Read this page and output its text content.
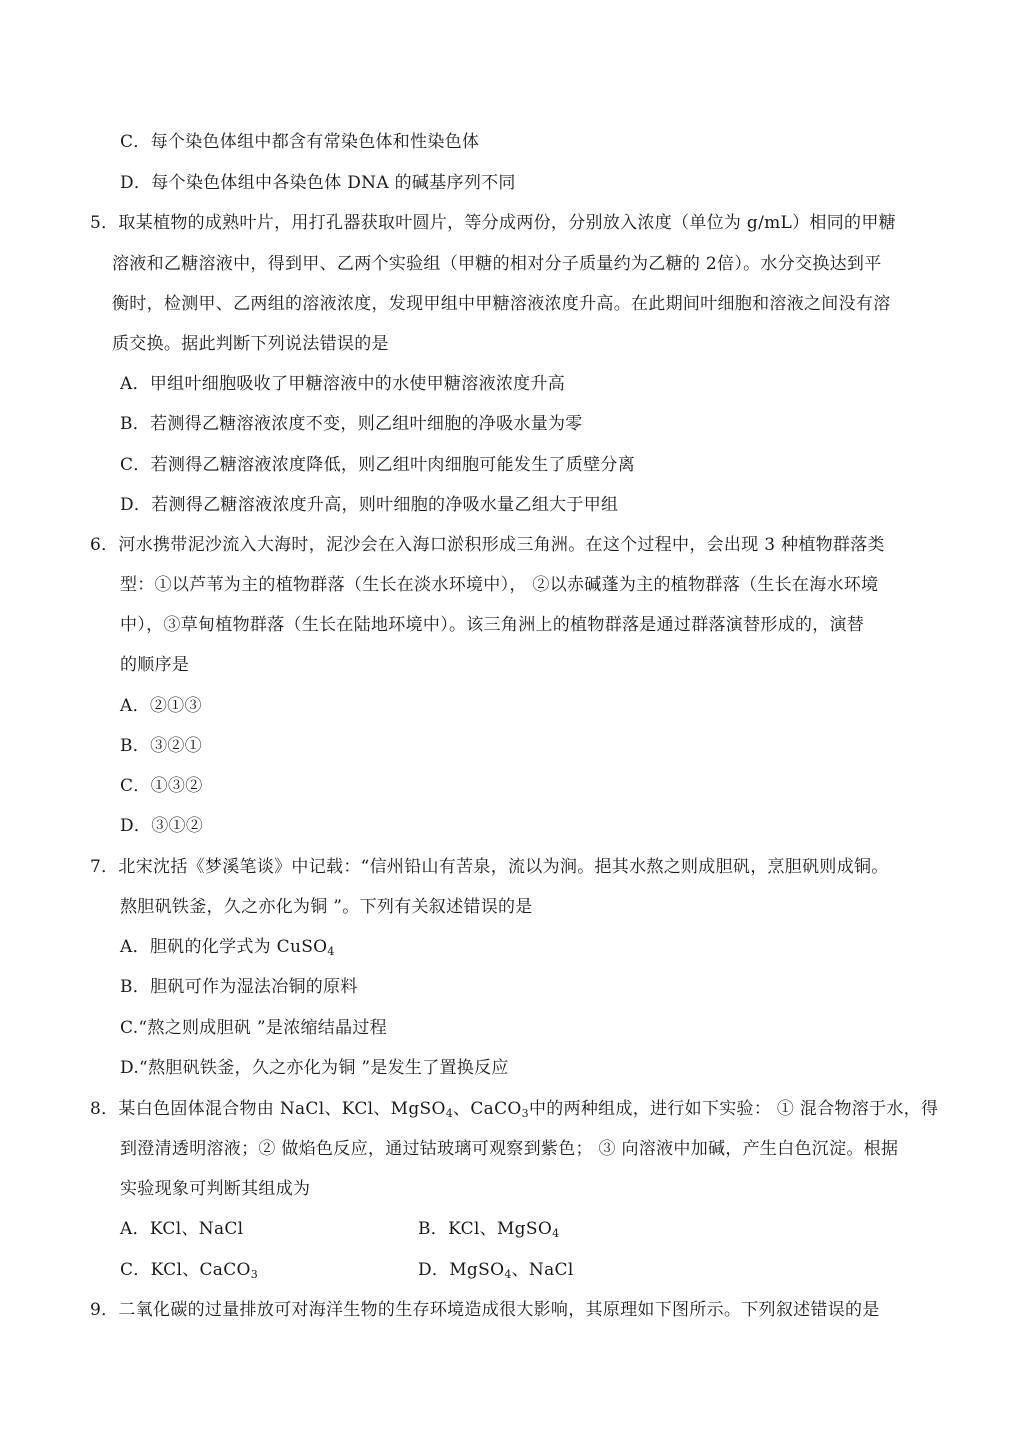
C．每个染色体组中都含有常染色体和性染色体
D．每个染色体组中各染色体 DNA 的碱基序列不同
5．取某植物的成熟叶片，用打孔器获取叶圆片，等分成两份，分别放入浓度（单位为 g/mL）相同的甲糖
溶液和乙糖溶液中，得到甲、乙两个实验组（甲糖的相对分子质量约为乙糖的 2倍）。水分交换达到平
衡时，检测甲、乙两组的溶液浓度，发现甲组中甲糖溶液浓度升高。在此期间叶细胞和溶液之间没有溶
质交换。据此判断下列说法错误的是
A．甲组叶细胞吸收了甲糖溶液中的水使甲糖溶液浓度升高
B．若测得乙糖溶液浓度不变，则乙组叶细胞的净吸水量为零
C．若测得乙糖溶液浓度降低，则乙组叶肉细胞可能发生了质壁分离
D．若测得乙糖溶液浓度升高，则叶细胞的净吸水量乙组大于甲组
6．河水携带泥沙流入大海时，泥沙会在入海口淤积形成三角洲。在这个过程中，会出现 3 种植物群落类
型：①以芦苇为主的植物群落（生长在淡水环境中）， ②以赤碱蓬为主的植物群落（生长在海水环境
中），③草甸植物群落（生长在陆地环境中）。该三角洲上的植物群落是通过群落演替形成的，演替
的顺序是
A．②①③
B．③②①
C．①③②
D．③①②
7．北宋沈括《梦溪笔谈》中记载：“信州铅山有苦泉，流以为涧。挹其水熬之则成胆矾，烹胆矾则成铜。
熬胆矾铁釜，久之亦化为铜 ”。下列有关叙述错误的是
A．胆矾的化学式为 CuSO$_4$
B．胆矾可作为湿法冶铜的原料
C.“熬之则成胆矾 ”是浓缩结晶过程
D.“熬胆矾铁釜，久之亦化为铜 ”是发生了置换反应
8．某白色固体混合物由 NaCl、KCl、MgSO$_4$、CaCO$_3$中的两种组成，进行如下实验： ① 混合物溶于水，得
到澄清透明溶液；② 做焰色反应，通过钴玻璃可观察到紫色； ③ 向溶液中加碱，产生白色沉淀。根据
实验现象可判断其组成为
A．KCl、NaCl	B．KCl、MgSO$_4$
C．KCl、CaCO$_3$	D．MgSO$_4$、NaCl
9．二氧化碳的过量排放可对海洋生物的生存环境造成很大影响，其原理如下图所示。下列叙述错误的是
